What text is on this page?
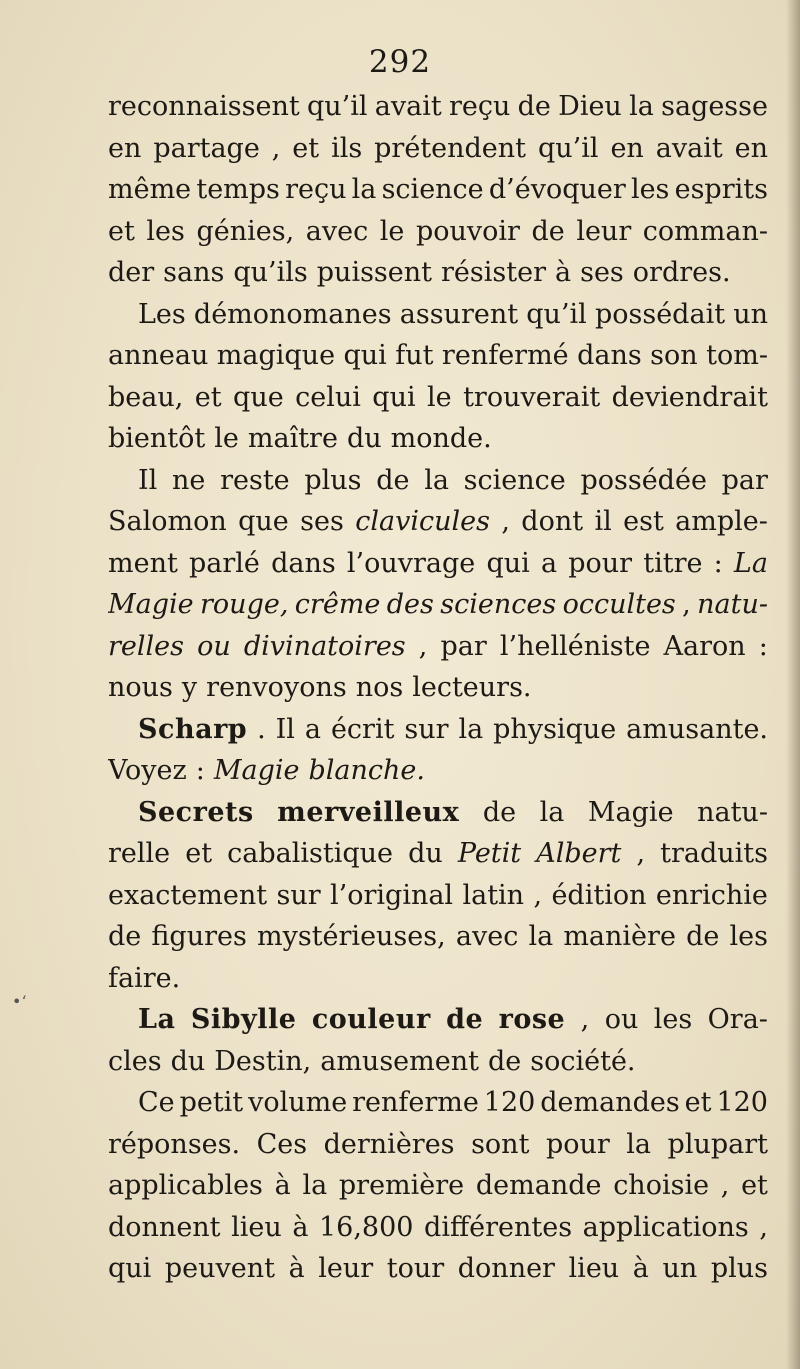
292
reconnaissent qu’il avait reçu de Dieu la sagesse
en partage , et ils prétendent qu’il en avait en
même temps reçu la science d’évoquer les esprits
et les génies, avec le pouvoir de leur comman-
der sans qu’ils puissent résister à ses ordres.
Les démonomanes assurent qu’il possédait un
anneau magique qui fut renfermé dans son tom-
beau, et que celui qui le trouverait deviendrait
bientôt le maître du monde.
Il ne reste plus de la science possédée par
Salomon que ses clavicules , dont il est ample-
ment parlé dans l’ouvrage qui a pour titre : La
Magie rouge, crême des sciences occultes , natu-
relles ou divinatoires , par l’helléniste Aaron :
nous y renvoyons nos lecteurs.
Scharp . Il a écrit sur la physique amusante.
Voyez : Magie blanche.
Secrets merveilleux de la Magie natu-
relle et cabalistique du Petit Albert , traduits
exactement sur l’original latin , édition enrichie
de figures mystérieuses, avec la manière de les
faire.
La Sibylle couleur de rose , ou les Ora-
cles du Destin, amusement de société.
Ce petit volume renferme 120 demandes et 120
réponses. Ces dernières sont pour la plupart
applicables à la première demande choisie , et
donnent lieu à 16,800 différentes applications ,
qui peuvent à leur tour donner lieu à un plus
•‘
